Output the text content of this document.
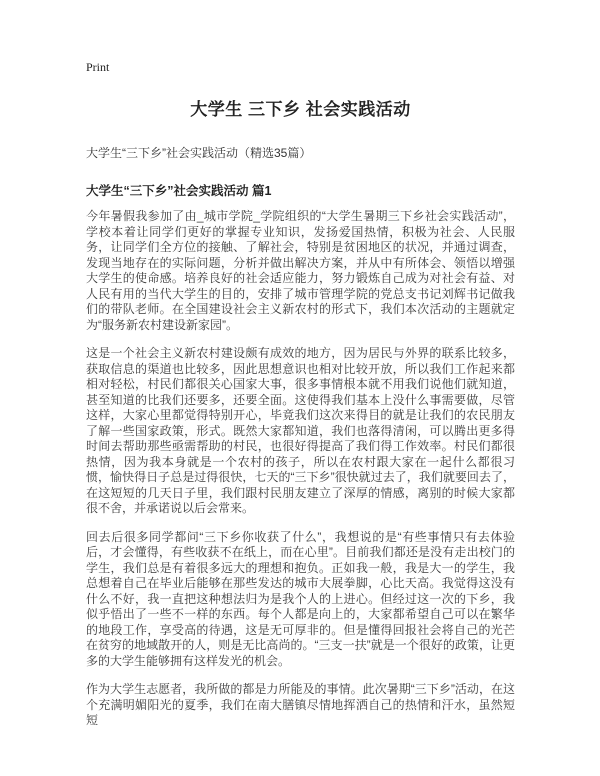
Print
大学生 三下乡 社会实践活动
大学生“三下乡”社会实践活动（精选35篇）
大学生“三下乡”社会实践活动 篇1

今年暑假我参加了由_城市学院_学院组织的“大学生暑期三下乡社会实践活动”，学校本着让同学们更好的掌握专业知识，发扬爱国热情，积极为社会、人民服务，让同学们全方位的接触、了解社会，特别是贫困地区的状况，并通过调查，发现当地存在的实际问题，分析并做出解决方案，并从中有所体会、领悟以增强大学生的使命感。培养良好的社会适应能力，努力锻炼自己成为对社会有益、对人民有用的当代大学生的目的，安排了城市管理学院的党总支书记刘辉书记做我们的带队老师。在全国建设社会主义新农村的形式下，我们本次活动的主题就定为“服务新农村建设新家园”。

这是一个社会主义新农村建设颇有成效的地方，因为居民与外界的联系比较多，获取信息的渠道也比较多，因此思想意识也相对比较开放，所以我们工作起来都相对轻松，村民们都很关心国家大事，很多事情根本就不用我们说他们就知道，甚至知道的比我们还要多，还要全面。这使得我们基本上没什么事需要做，尽管这样，大家心里都觉得特别开心，毕竟我们这次来得目的就是让我们的农民朋友了解一些国家政策，形式。既然大家都知道，我们也落得清闲，可以腾出更多得时间去帮助那些亟需帮助的村民，也很好得提高了我们得工作效率。村民们都很热情，因为我本身就是一个农村的孩子，所以在农村跟大家在一起什么都很习惯，愉快得日子总是过得很快，七天的“三下乡”很快就过去了，我们就要回去了，在这短短的几天日子里，我们跟村民朋友建立了深厚的情感，离别的时候大家都很不舍，并承诺说以后会常来。

回去后很多同学都问“三下乡你收获了什么”，我想说的是“有些事情只有去体验后，才会懂得，有些收获不在纸上，而在心里”。目前我们都还是没有走出校门的学生，我们总是有着很多远大的理想和抱负。正如我一般，我是大一的学生，我总想着自己在毕业后能够在那些发达的城市大展拳脚，心比天高。我觉得这没有什么不好，我一直把这种想法归为是我个人的上进心。但经过这一次的下乡，我似乎悟出了一些不一样的东西。每个人都是向上的，大家都希望自己可以在繁华的地段工作，享受高的待遇，这是无可厚非的。但是懂得回报社会将自己的光芒在贫穷的地域散开的人，则是无比高尚的。“三支一扶”就是一个很好的政策，让更多的大学生能够拥有这样发光的机会。

作为大学生志愿者，我所做的都是力所能及的事情。此次暑期“三下乡”活动，在这个充满明媚阳光的夏季，我们在南大膳镇尽情地挥洒自己的热情和汗水，虽然短短
